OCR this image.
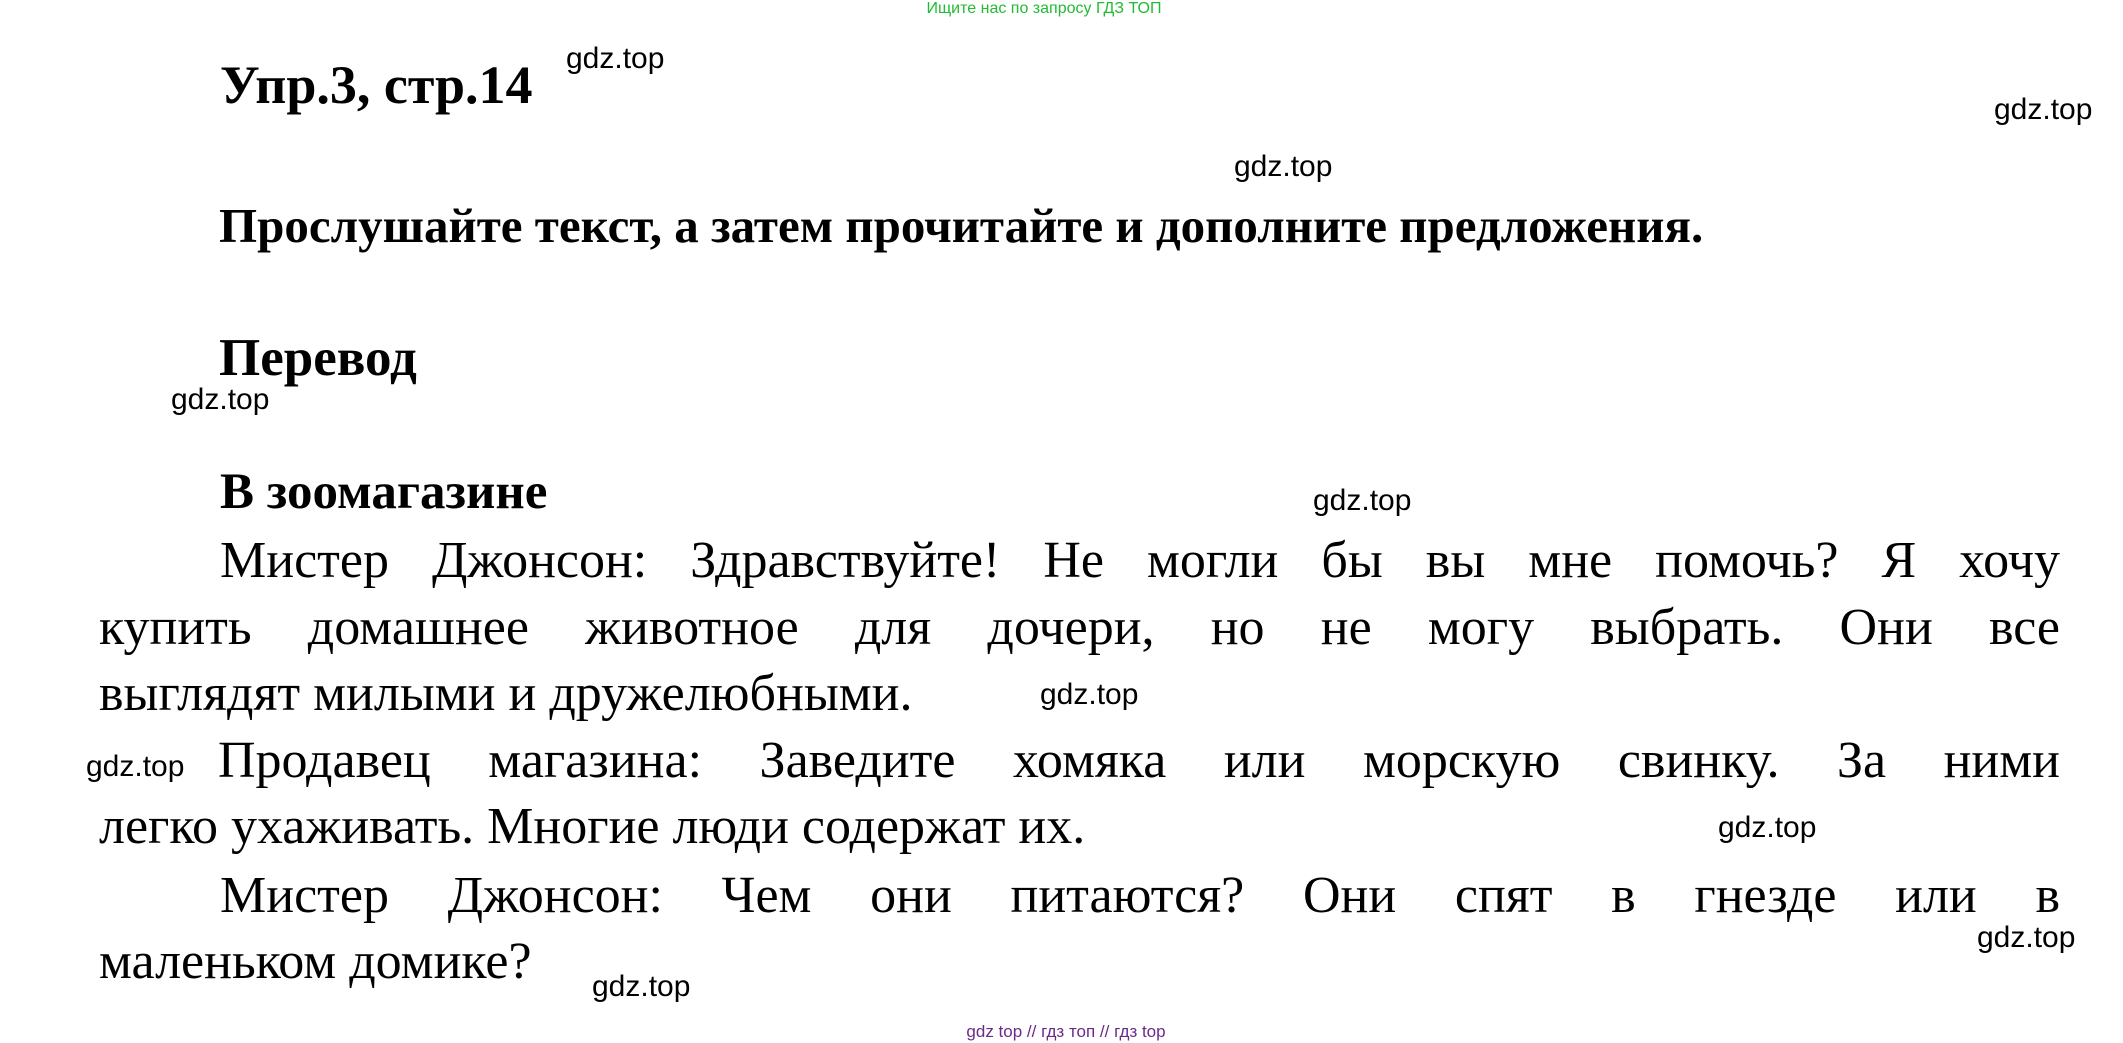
Ищите нас по запросу ГДЗ ТОП
Упр.3, стр.14
Прослушайте текст, а затем прочитайте и дополните предложения.
Перевод
В зоомагазине
Мистер Джонсон: Здравствуйте! Не могли бы вы мне помочь? Я хочу
купить домашнее животное для дочери, но не могу выбрать. Они все
выглядят милыми и дружелюбными.
Продавец магазина: Заведите хомяка или морскую свинку. За ними
легко ухаживать. Многие люди содержат их.
Мистер Джонсон: Чем они питаются? Они спят в гнезде или в
маленьком домике?
gdz.top
gdz.top
gdz.top
gdz.top
gdz.top
gdz.top
gdz.top
gdz.top
gdz.top
gdz.top
gdz top // гдз топ // гдз top
